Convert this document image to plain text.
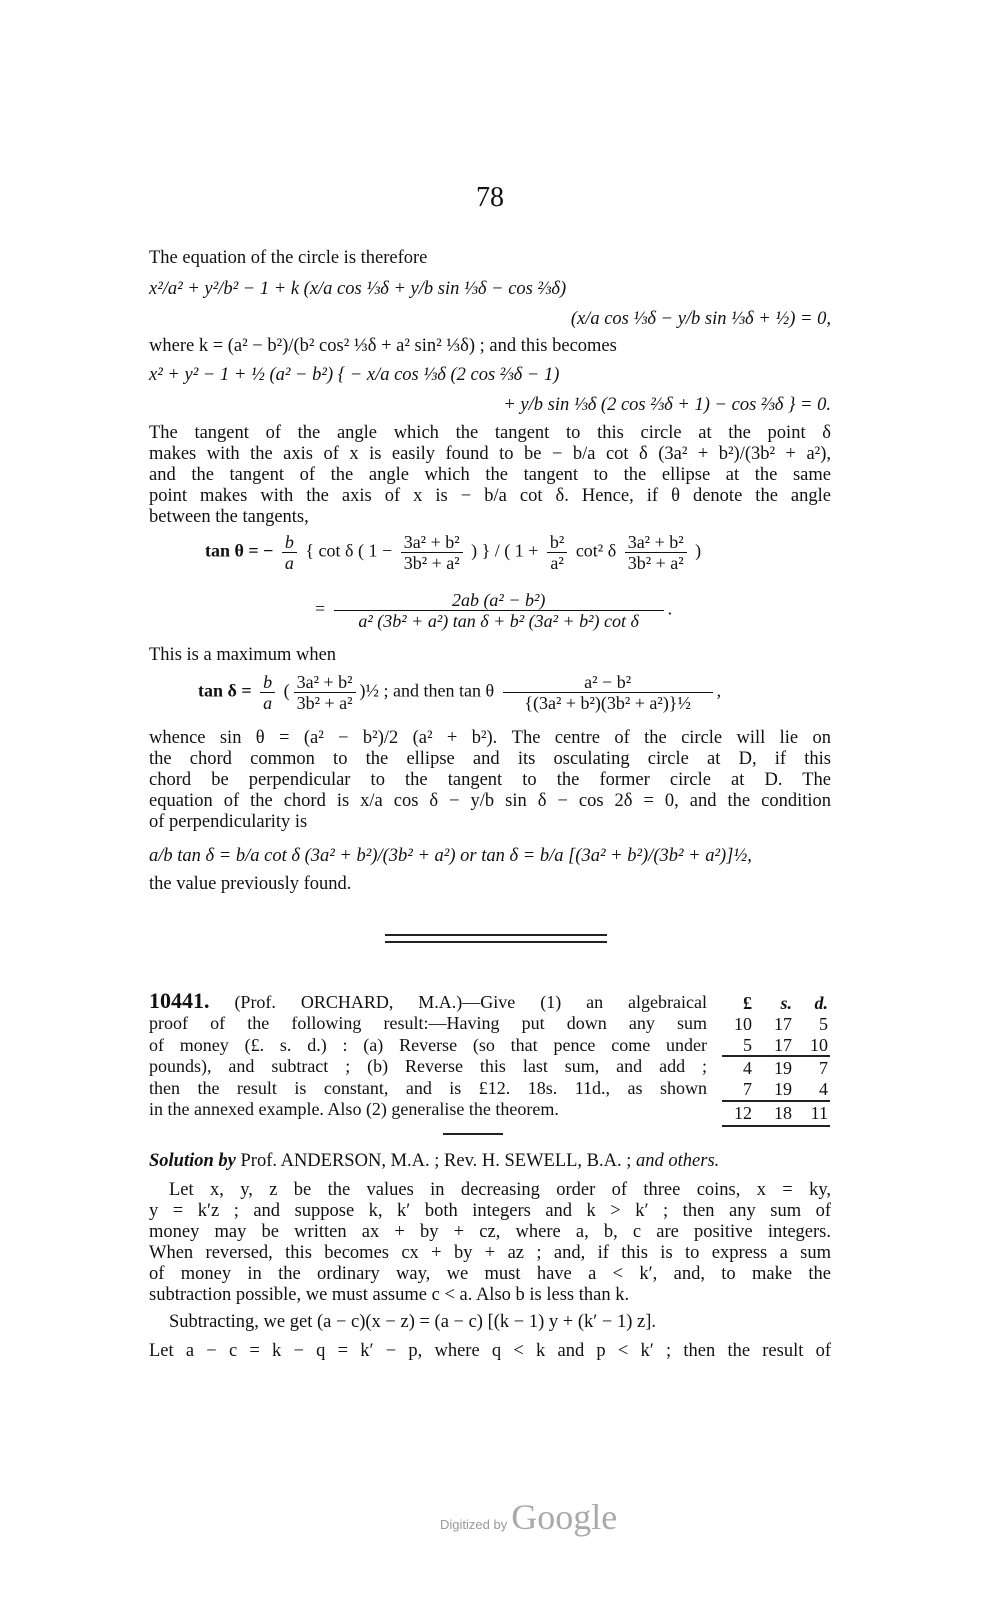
78
The equation of the circle is therefore
x²/a² + y²/b² − 1 + k (x/a cos ⅓δ + y/b sin ⅓δ − cos ⅔δ)
(x/a cos ⅓δ − y/b sin ⅓δ + ½) = 0,
where k = (a² − b²)/(b² cos² ⅓δ + a² sin² ⅓δ) ; and this becomes
x² + y² − 1 + ½ (a² − b²) { − x/a cos ⅓δ (2 cos ⅔δ − 1)
+ y/b sin ⅓δ (2 cos ⅔δ + 1) − cos ⅔δ } = 0.
The tangent of the angle which the tangent to this circle at the point δ
makes with the axis of x is easily found to be − b/a cot δ (3a² + b²)/(3b² + a²),
and the tangent of the angle which the tangent to the ellipse at the same
point makes with the axis of x is − b/a cot δ. Hence, if θ denote the angle
between the tangents,
tan θ = − $\frac{b}{a}$ { cot δ ( $1 - \frac{\text{3a² + b²}}{\text{3b² + a²}}$ ) } / ( $1 + \frac{\text{b²}}{\text{a²}} \cot^2$ δ $\frac{\text{3a² + b²}}{\text{3b² + a²}}$ )
= $\frac{\text{2ab (a² − b²)}}{\text{a² (3b² + a²) tan δ + b² (3a² + b²) cot δ}}$ .
This is a maximum when
$\tan \delta = \frac{b}{a}$ ( $\frac{\text{3a² + b²}}{\text{3b² + a²}}$ )½ ; and then tan θ $\frac{\text{a² − b²}}{\text{\{(3a² + b²)(3b² + a²)\}½}}$ ,
whence sin θ = (a² − b²)/2 (a² + b²). The centre of the circle will lie on
the chord common to the ellipse and its osculating circle at D, if this
chord be perpendicular to the tangent to the former circle at D. The
equation of the chord is x/a cos δ − y/b sin δ − cos 2δ = 0, and the condition
of perpendicularity is
a/b tan δ = b/a cot δ (3a² + b²)/(3b² + a²) or tan δ = b/a [(3a² + b²)/(3b² + a²)]½,
the value previously found.
10441. (Prof. ORCHARD, M.A.)—Give (1) an algebraical
proof of the following result:—Having put down any sum
of money (£. s. d.) : (a) Reverse (so that pence come under
pounds), and subtract ; (b) Reverse this last sum, and add ;
then the result is constant, and is £12. 18s. 11d., as shown
in the annexed example. Also (2) generalise the theorem.
£	s.	d.
10	17	5
5	17	10
4	19	7
7	19	4
12	18	11
Solution by Prof. ANDERSON, M.A. ; Rev. H. SEWELL, B.A. ; and others.
Let x, y, z be the values in decreasing order of three coins, x = ky,
y = k′z ; and suppose k, k′ both integers and k > k′ ; then any sum of
money may be written ax + by + cz, where a, b, c are positive integers.
When reversed, this becomes cx + by + az ; and, if this is to express a sum
of money in the ordinary way, we must have a < k′, and, to make the
subtraction possible, we must assume c < a. Also b is less than k.
Subtracting, we get (a − c)(x − z) = (a − c) [(k − 1) y + (k′ − 1) z].
Let a − c = k − q = k′ − p, where q < k and p < k′ ; then the result of
Digitized by Google
